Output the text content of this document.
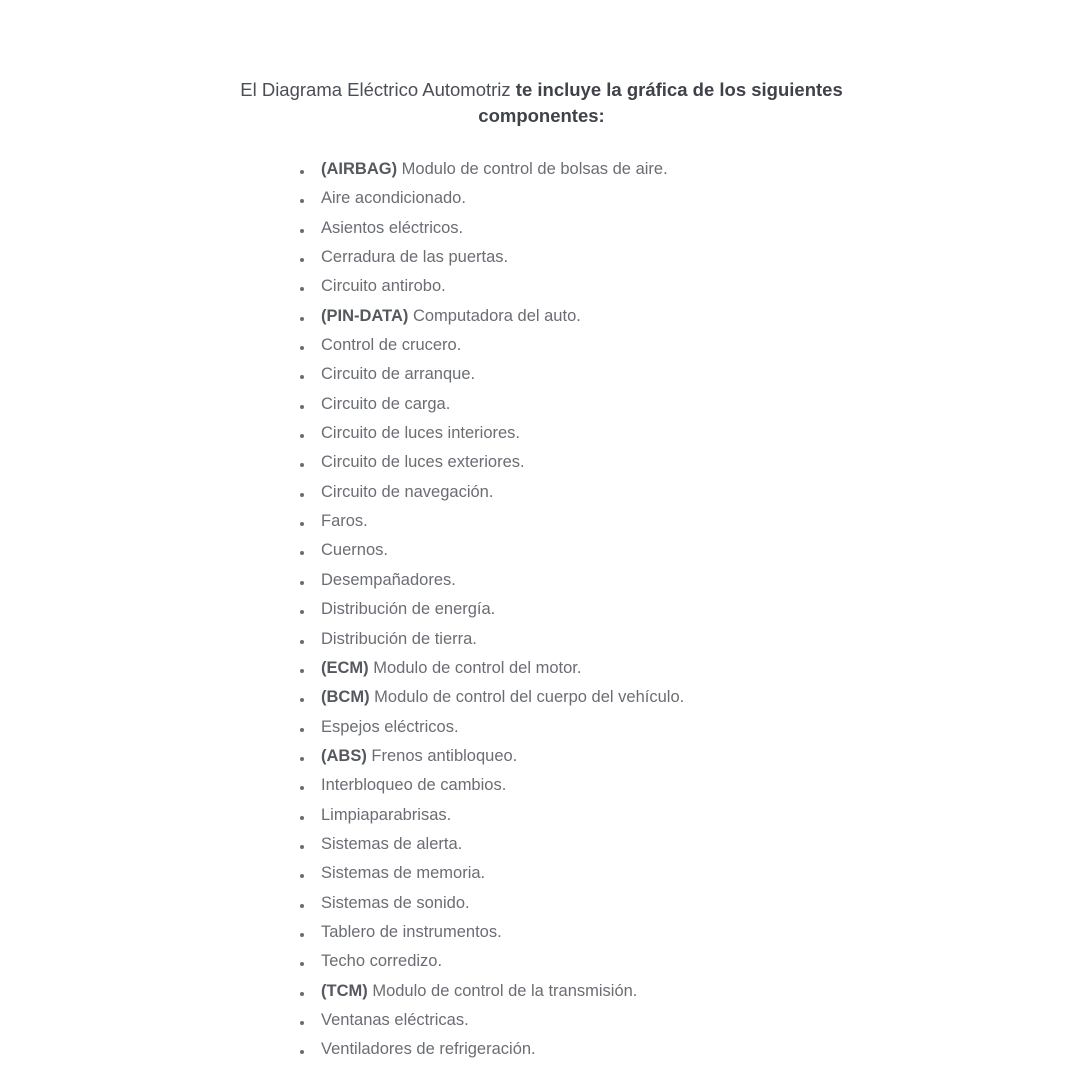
El Diagrama Eléctrico Automotriz te incluye la gráfica de los siguientes
componentes:

(AIRBAG) Modulo de control de bolsas de aire.
Aire acondicionado.
Asientos eléctricos.
Cerradura de las puertas.
Circuito antirobo.
(PIN-DATA) Computadora del auto.
Control de crucero.
Circuito de arranque.
Circuito de carga.
Circuito de luces interiores.
Circuito de luces exteriores.
Circuito de navegación.
Faros.
Cuernos.
Desempañadores.
Distribución de energía.
Distribución de tierra.
(ECM) Modulo de control del motor.
(BCM) Modulo de control del cuerpo del vehículo.
Espejos eléctricos.
(ABS) Frenos antibloqueo.
Interbloqueo de cambios.
Limpiaparabrisas.
Sistemas de alerta.
Sistemas de memoria.
Sistemas de sonido.
Tablero de instrumentos.
Techo corredizo.
(TCM) Modulo de control de la transmisión.
Ventanas eléctricas.
Ventiladores de refrigeración.
